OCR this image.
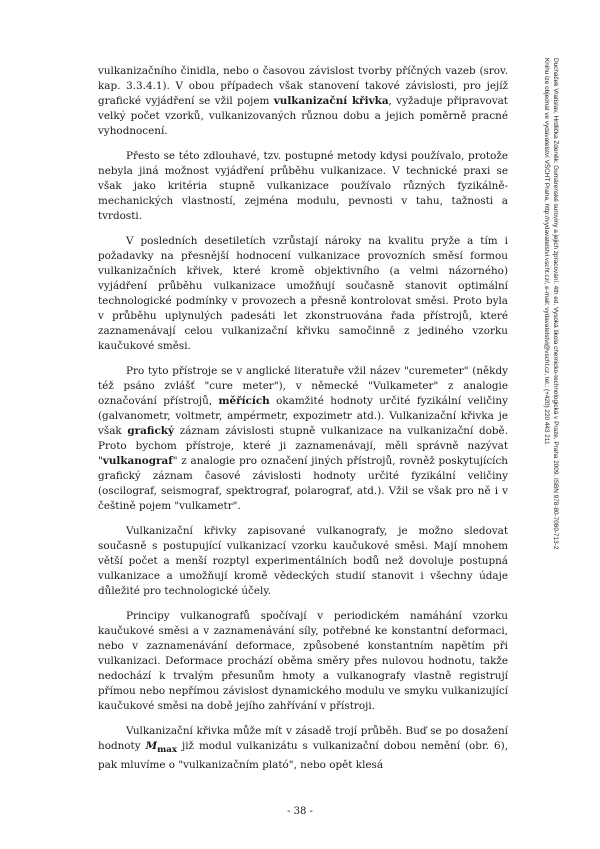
Ducháček Vratislav, Hrdlička Zdeněk: Gumárenské suroviny a jejich zpracování. 4th ed. Vysoká škola chemicko-technologická v Praze, Praha 2009. ISBN 978-80-7080-713-2
Knihu lze objednat ve vydavatelství VŠCHT Praha, http://vydavatelstvi.vscht.cz/, e-mail: vydavatelstvi@vscht.cz, tel.: (+420) 220 443 211

vulkanizačního činidla, nebo o časovou závislost tvorby příčných vazeb (srov. kap. 3.3.4.1). V obou případech však stanovení takové závislosti, pro jejíž grafické vyjádření se vžil pojem vulkanizační křivka, vyžaduje připravovat velký počet vzorků, vulkanizovaných různou dobu a jejich poměrně pracné vyhodnocení.

Přesto se této zdlouhavé, tzv. postupné metody kdysi používalo, protože nebyla jiná možnost vyjádření průběhu vulkanizace. V technické praxi se však jako kritéria stupně vulkanizace používalo různých fyzikálně-mechanických vlastností, zejména modulu, pevnosti v tahu, tažnosti a tvrdosti.

V posledních desetiletích vzrůstají nároky na kvalitu pryže a tím i požadavky na přesnější hodnocení vulkanizace provozních směsí formou vulkanizačních křivek, které kromě objektivního (a velmi názorného) vyjádření průběhu vulkanizace umožňují současně stanovit optimální technologické podmínky v provozech a přesně kontrolovat směsi. Proto byla v průběhu uplynulých padesáti let zkonstruována řada přístrojů, které zaznamenávají celou vulkanizační křivku samočinně z jediného vzorku kaučukové směsi.

Pro tyto přístroje se v anglické literatuře vžil název "curemeter" (někdy též psáno zvlášť "cure meter"), v německé "Vulkameter" z analogie označování přístrojů, měřících okamžité hodnoty určité fyzikální veličiny (galvanometr, voltmetr, ampérmetr, expozimetr atd.). Vulkanizační křivka je však grafický záznam závislosti stupně vulkanizace na vulkanizační době. Proto bychom přístroje, které ji zaznamenávají, měli správně nazývat "vulkanograf" z analogie pro označení jiných přístrojů, rovněž poskytujících grafický záznam časové závislosti hodnoty určité fyzikální veličiny (oscilograf, seismograf, spektrograf, polarograf, atd.). Vžil se však pro ně i v češtině pojem "vulkametr".

Vulkanizační křivky zapisované vulkanografy, je možno sledovat současně s postupující vulkanizací vzorku kaučukové směsi. Mají mnohem větší počet a menší rozptyl experimentálních bodů než dovoluje postupná vulkanizace a umožňují kromě vědeckých studií stanovit i všechny údaje důležité pro technologické účely.

Principy vulkanografů spočívají v periodickém namáhání vzorku kaučukové směsi a v zaznamenávání síly, potřebné ke konstantní deformaci, nebo v zaznamenávání deformace, způsobené konstantním napětím při vulkanizaci. Deformace prochází oběma směry přes nulovou hodnotu, takže nedochází k trvalým přesunům hmoty a vulkanografy vlastně registrují přímou nebo nepřímou závislost dynamického modulu ve smyku vulkanizující kaučukové směsi na době jejího zahřívání v přístroji.

Vulkanizační křivka může mít v zásadě trojí průběh. Buď se po dosažení hodnoty $M_{max}$ již modul vulkanizátu s vulkanizační dobou nemění (obr. 6), pak mluvíme o "vulkanizačním plató", nebo opět klesá

- 38 -
